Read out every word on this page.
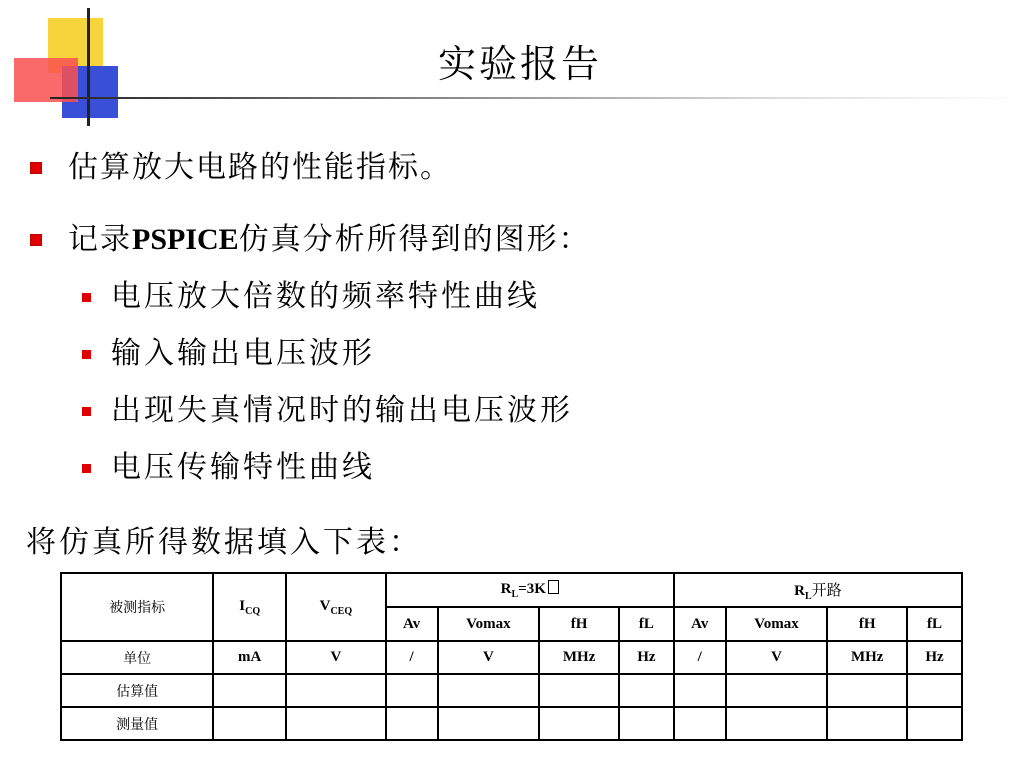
实验报告
估算放大电路的性能指标。
记录 PSPICE 仿真分析所得到的图形：
电压放大倍数的频率特性曲线
输入输出电压波形
出现失真情况时的输出电压波形
电压传输特性曲线
将仿真所得数据填入下表：
被测指标	$I_{CQ}$	$V_{CEQ}$	$R_L=3K$				$R_L$开路			
			Av	Vomax	fH	fL	Av	Vomax	fH	fL
单位	mA	V	/	V	MHz	Hz	/	V	MHz	Hz
估算值										
测量值										
